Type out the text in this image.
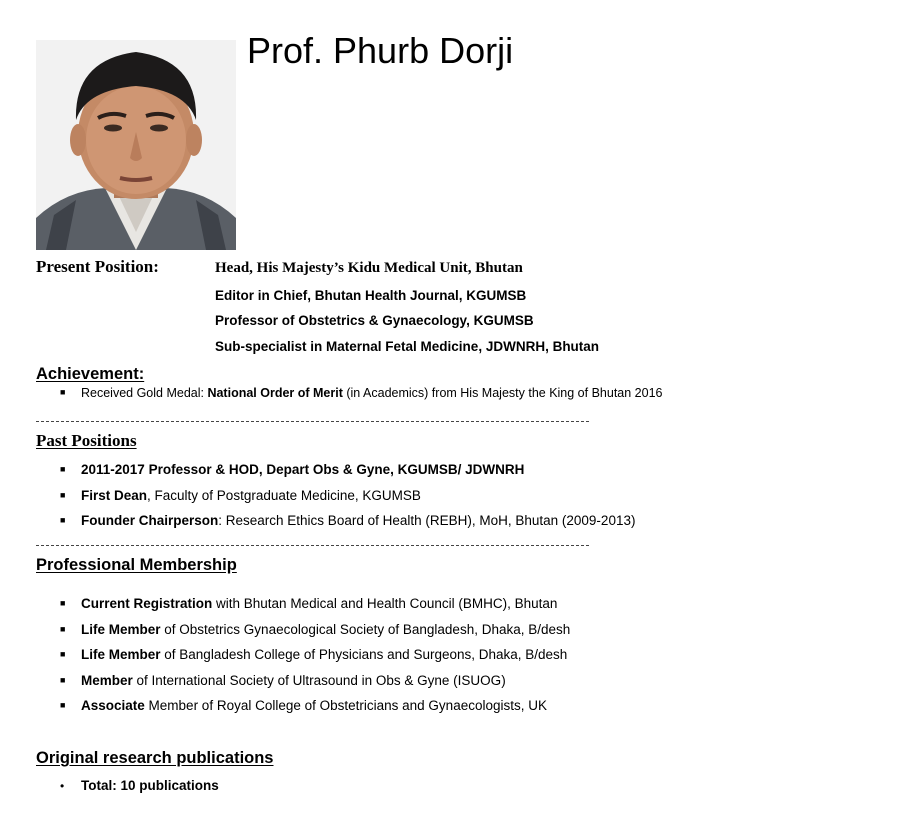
Prof. Phurb Dorji
Present Position:	Head, His Majesty’s Kidu Medical Unit, Bhutan
Editor in Chief, Bhutan Health Journal, KGUMSB
Professor of Obstetrics & Gynaecology, KGUMSB
Sub-specialist in Maternal Fetal Medicine, JDWNRH, Bhutan
Achievement:
■ Received Gold Medal: National Order of Merit (in Academics) from His Majesty the King of Bhutan 2016
Past Positions
■ 2011-2017 Professor & HOD, Depart Obs & Gyne, KGUMSB/ JDWNRH
■ First Dean, Faculty of Postgraduate Medicine, KGUMSB
■ Founder Chairperson: Research Ethics Board of Health (REBH), MoH, Bhutan (2009-2013)
Professional Membership
■ Current Registration with Bhutan Medical and Health Council (BMHC), Bhutan
■ Life Member of Obstetrics Gynaecological Society of Bangladesh, Dhaka, B/desh
■ Life Member of Bangladesh College of Physicians and Surgeons, Dhaka, B/desh
■ Member of International Society of Ultrasound in Obs & Gyne (ISUOG)
■ Associate Member of Royal College of Obstetricians and Gynaecologists, UK
Original research publications
• Total: 10 publications
